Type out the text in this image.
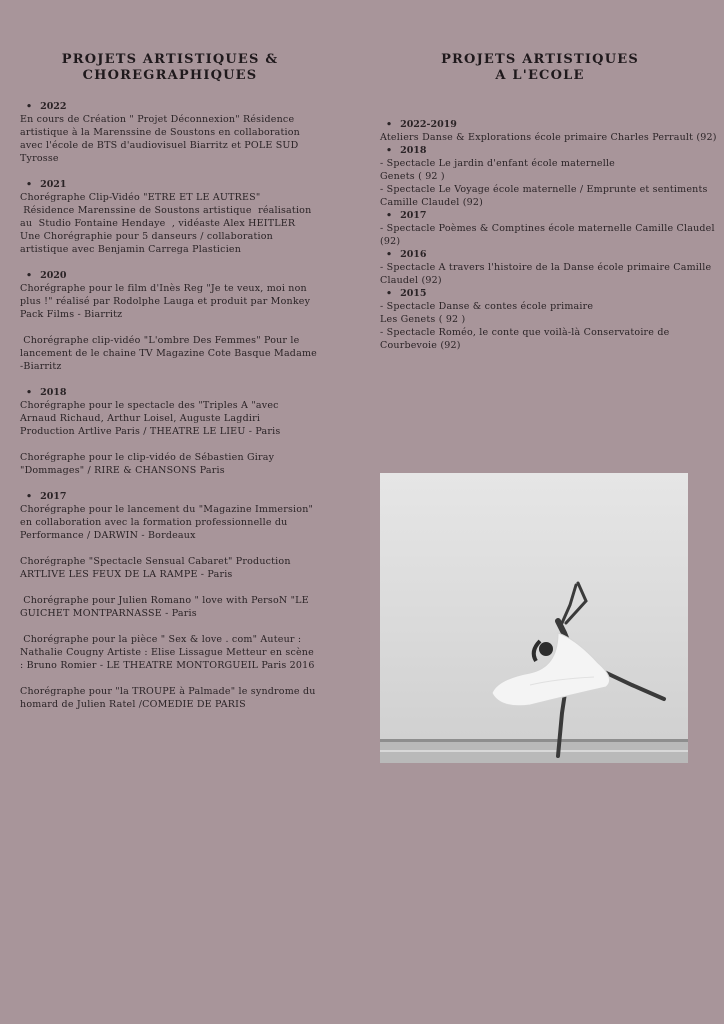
PROJETS ARTISTIQUES &
CHOREGRAPHIQUES
• 2022

En cours de Création " Projet Déconnexion" Résidence
artistique à la Marenssine de Soustons en collaboration
avec l'école de BTS d'audiovisuel Biarritz et POLE SUD
Tyrosse

• 2021

Chorégraphe Clip-Vidéo "ETRE ET LE AUTRES"
Résidence Marenssine de Soustons artistique  réalisation
au  Studio Fontaine Hendaye  , vidéaste Alex HEITLER
Une Chorégraphie pour 5 danseurs / collaboration
artistique avec Benjamin Carrega Plasticien

• 2020

Chorégraphe pour le film d'Inès Reg "Je te veux, moi non
plus !" réalisé par Rodolphe Lauga et produit par Monkey
Pack Films - Biarritz

Chorégraphe clip-vidéo "L'ombre Des Femmes" Pour le
lancement de le chaine TV Magazine Cote Basque Madame
-Biarritz

• 2018

Chorégraphe pour le spectacle des "Triples A "avec
Arnaud Richaud, Arthur Loisel, Auguste Lagdiri
Production Artlive Paris / THEATRE LE LIEU - Paris

Chorégraphe pour le clip-vidéo de Sébastien Giray
"Dommages" / RIRE & CHANSONS Paris

• 2017

Chorégraphe pour le lancement du "Magazine Immersion"
en collaboration avec la formation professionnelle du
Performance / DARWIN - Bordeaux

Chorégraphe "Spectacle Sensual Cabaret" Production
ARTLIVE LES FEUX DE LA RAMPE - Paris

Chorégraphe pour Julien Romano " love with PersoN "LE
GUICHET MONTPARNASSE - Paris

Chorégraphe pour la pièce " Sex & love . com" Auteur :
Nathalie Cougny Artiste : Elise Lissague Metteur en scène
: Bruno Romier - LE THEATRE MONTORGUEIL Paris 2016

Chorégraphe pour "la TROUPE à Palmade" le syndrome du
homard de Julien Ratel /COMEDIE DE PARIS

PROJETS ARTISTIQUES
A L'ECOLE
• 2022-2019

Ateliers Danse & Explorations école primaire Charles Perrault (92)

• 2018

- Spectacle Le jardin d'enfant école maternelle
Genets ( 92 )
- Spectacle Le Voyage école maternelle / Emprunte et sentiments
Camille Claudel (92)

• 2017

- Spectacle Poèmes & Comptines école maternelle Camille Claudel
(92)

• 2016

- Spectacle A travers l'histoire de la Danse école primaire Camille
Claudel (92)

• 2015

- Spectacle Danse & contes école primaire
Les Genets ( 92 )
- Spectacle Roméo, le conte que voilà-là Conservatoire de
Courbevoie (92)
